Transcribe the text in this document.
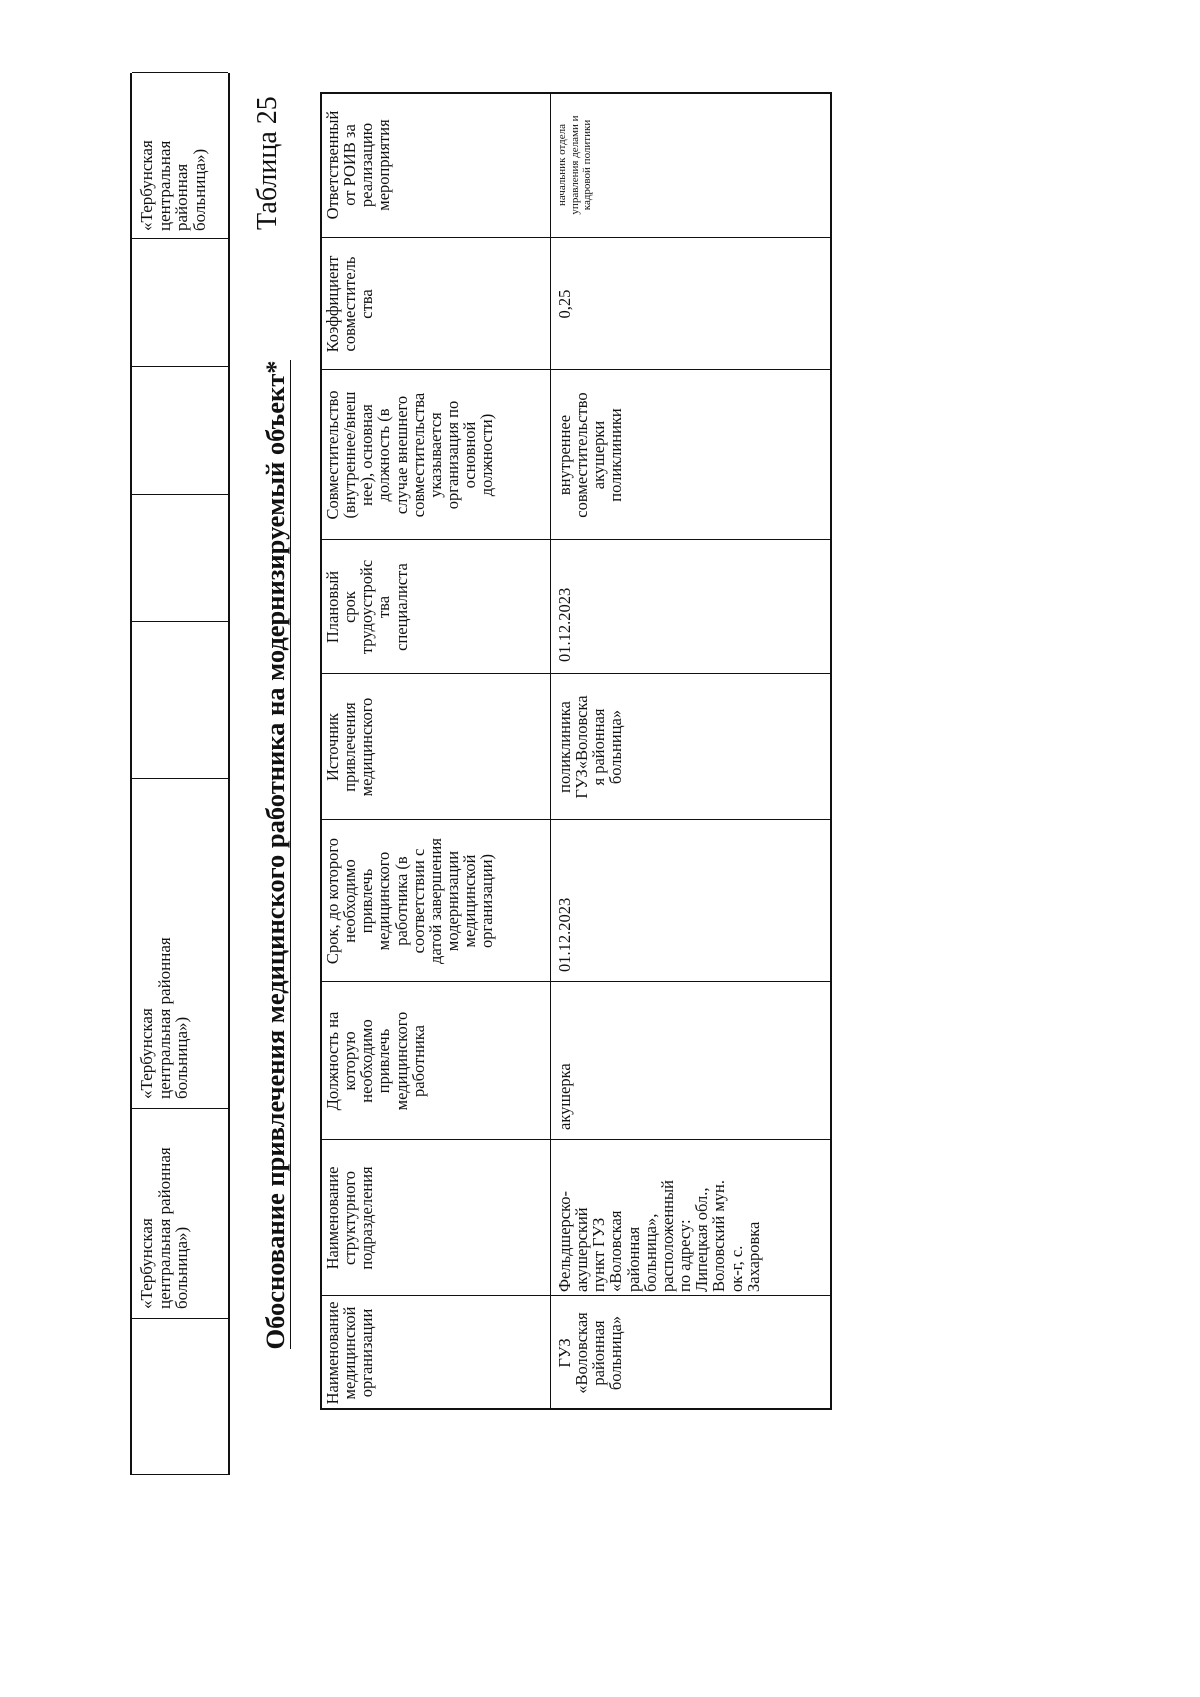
«Тербунская
центральная районная
больница»)
«Тербунская
центральная районная
больница»)
«Тербунская
центральная
районная
больница») Таблица 25
Обоснование привлечения медицинского работника на модернизируемый объект*
Наименование
медицинской
организации
Наименование
структурного
подразделения
Должность на
которую
необходимо
привлечь
медицинского
работника
Срок, до которого
необходимо
привлечь
медицинского
работника (в
соответствии с
датой завершения
модернизации
медицинской
организации)
Источник
привлечения
медицинского
Плановый
срок
трудоустройс
тва
специалиста
Совместительство
(внутреннее/внеш
нее), основная
должность (в
случае внешнего
совместительства
указывается
организация по
основной
должности)
Коэффициент
совместитель
ства
Ответственный
от РОИВ за
реализацию
мероприятия
ГУЗ
«Воловская
районная
больница»
Фельдшерско-
акушерский
пункт ГУЗ
«Воловская
районная
больница»,
расположенный
по адресу:
Липецкая обл.,
Воловский мун.
ок-г, с.
Захаровка
акушерка
01.12.2023
поликлиника
ГУЗ«Воловска
я районная
больница»
01.12.2023
внутреннее
совместительство
акушерки
поликлиники
0,25
начальник отдела
управления делами и
кадровой политики
